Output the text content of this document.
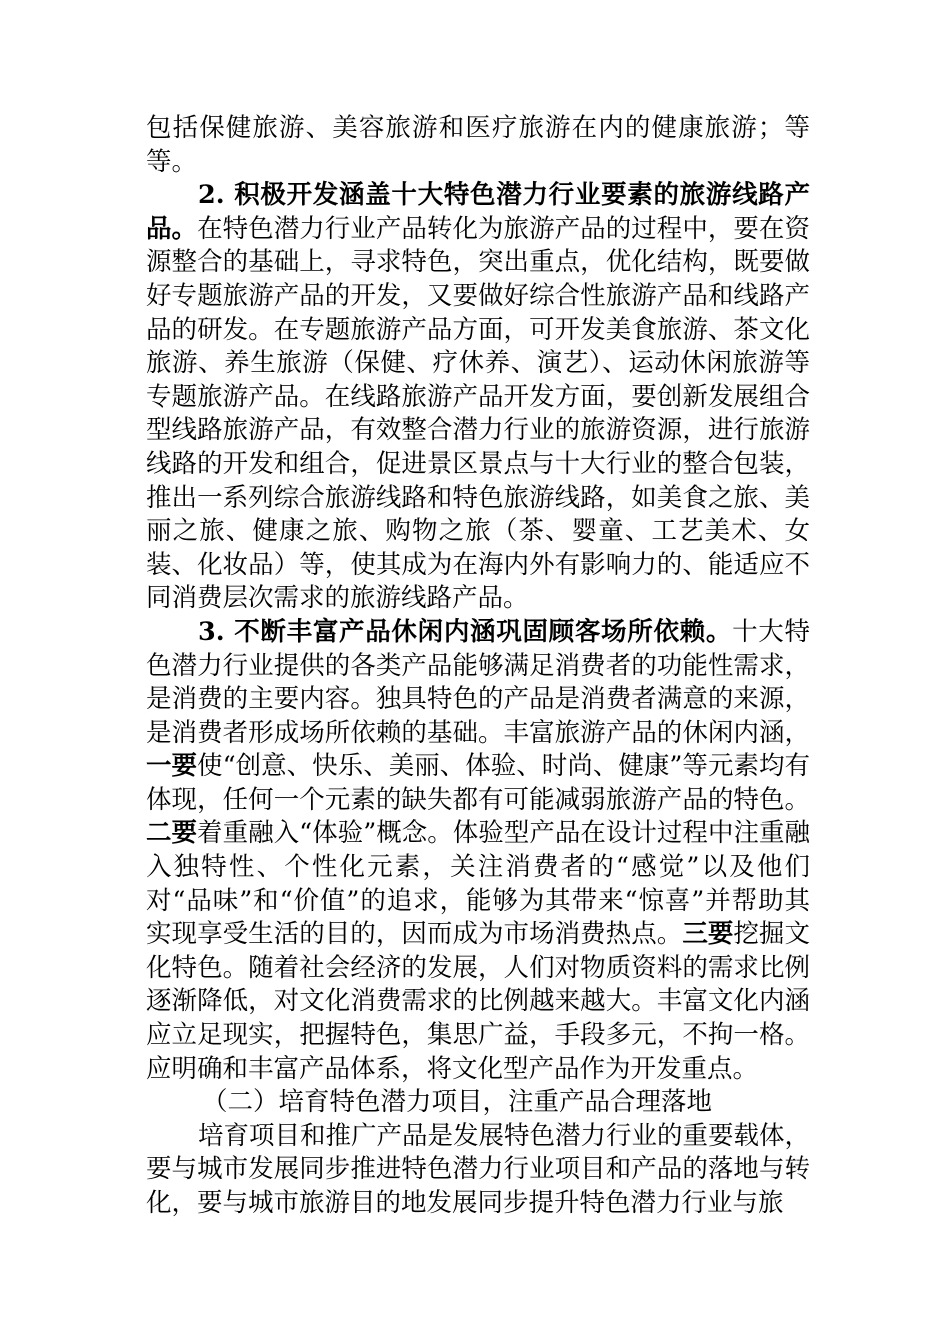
包括保健旅游、美容旅游和医疗旅游在内的健康旅游；等等。

2. 积极开发涵盖十大特色潜力行业要素的旅游线路产品。在特色潜力行业产品转化为旅游产品的过程中，要在资源整合的基础上，寻求特色，突出重点，优化结构，既要做好专题旅游产品的开发，又要做好综合性旅游产品和线路产品的研发。在专题旅游产品方面，可开发美食旅游、茶文化旅游、养生旅游（保健、疗休养、演艺）、运动休闲旅游等专题旅游产品。在线路旅游产品开发方面，要创新发展组合型线路旅游产品，有效整合潜力行业的旅游资源，进行旅游线路的开发和组合，促进景区景点与十大行业的整合包装，推出一系列综合旅游线路和特色旅游线路，如美食之旅、美丽之旅、健康之旅、购物之旅（茶、婴童、工艺美术、女装、化妆品）等，使其成为在海内外有影响力的、能适应不同消费层次需求的旅游线路产品。

3. 不断丰富产品休闲内涵巩固顾客场所依赖。十大特色潜力行业提供的各类产品能够满足消费者的功能性需求，是消费的主要内容。独具特色的产品是消费者满意的来源，是消费者形成场所依赖的基础。丰富旅游产品的休闲内涵，一要使“创意、快乐、美丽、体验、时尚、健康”等元素均有体现，任何一个元素的缺失都有可能减弱旅游产品的特色。二要着重融入“体验”概念。体验型产品在设计过程中注重融入独特性、个性化元素，关注消费者的“感觉”以及他们对“品味”和“价值”的追求，能够为其带来“惊喜”并帮助其实现享受生活的目的，因而成为市场消费热点。三要挖掘文化特色。随着社会经济的发展，人们对物质资料的需求比例逐渐降低，对文化消费需求的比例越来越大。丰富文化内涵应立足现实，把握特色，集思广益，手段多元，不拘一格。应明确和丰富产品体系，将文化型产品作为开发重点。

（二）培育特色潜力项目，注重产品合理落地

培育项目和推广产品是发展特色潜力行业的重要载体，要与城市发展同步推进特色潜力行业项目和产品的落地与转化，要与城市旅游目的地发展同步提升特色潜力行业与旅
